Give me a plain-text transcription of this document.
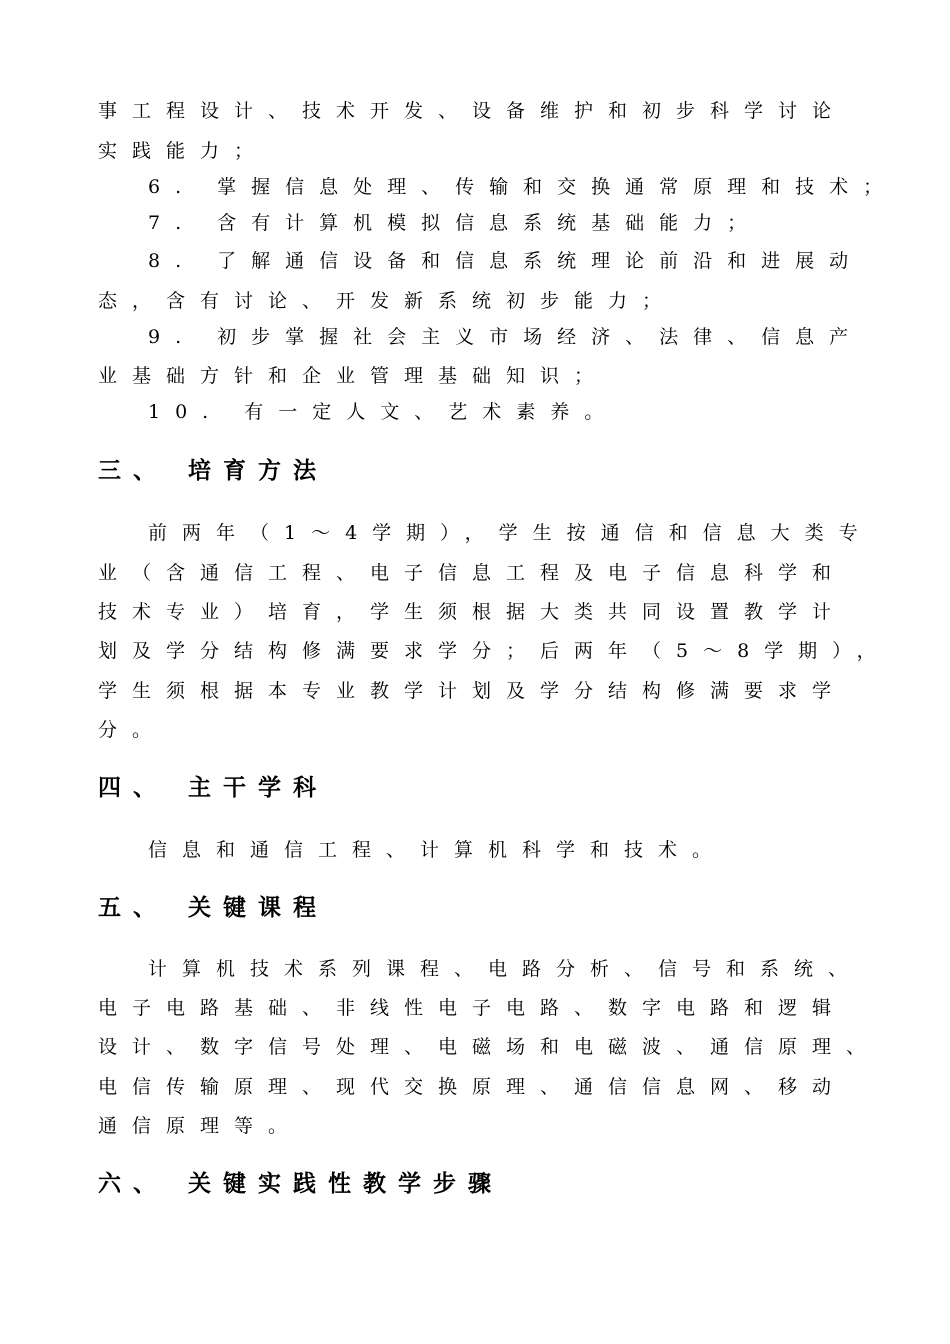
事工程设计、技术开发、设备维护和初步科学讨论
实践能力；
6. 掌握信息处理、传输和交换通常原理和技术；
7. 含有计算机模拟信息系统基础能力；
8. 了解通信设备和信息系统理论前沿和进展动
态，含有讨论、开发新系统初步能力；
9. 初步掌握社会主义市场经济、法律、信息产
业基础方针和企业管理基础知识；
10. 有一定人文、艺术素养。
三、 培育方法
前两年（1～4学期），学生按通信和信息大类专
业（含通信工程、电子信息工程及电子信息科学和
技术专业）培育，学生须根据大类共同设置教学计
划及学分结构修满要求学分；后两年（5～8学期），
学生须根据本专业教学计划及学分结构修满要求学
分。
四、 主干学科
信息和通信工程、计算机科学和技术。
五、 关键课程
计算机技术系列课程、电路分析、信号和系统、
电子电路基础、非线性电子电路、数字电路和逻辑
设计、数字信号处理、电磁场和电磁波、通信原理、
电信传输原理、现代交换原理、通信信息网、移动
通信原理等。
六、 关键实践性教学步骤
